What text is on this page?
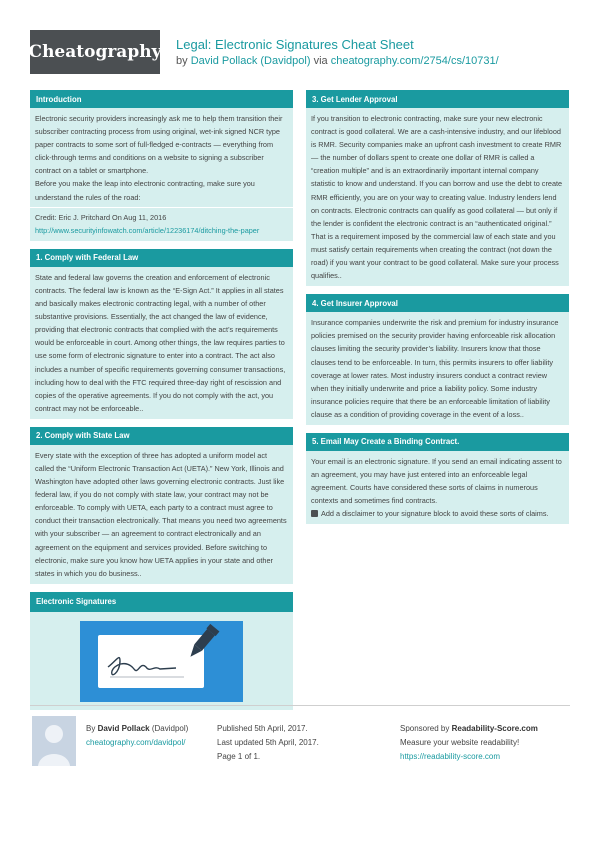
Cheatography Legal: Electronic Signatures Cheat Sheet
by David Pollack (Davidpol) via cheatography.com/2754/cs/10731/
Introduction

Electronic security providers increasingly ask me to help them transition their subscriber contracting process from using original, wet-ink signed NCR type paper contracts to some sort of full-fledged e-contracts — everything from click-through terms and conditions on a website to signing a subscriber contract on a tablet or smartphone.

Before you make the leap into electronic contracting, make sure you understand the rules of the road:

Credit: Eric J. Pritchard On Aug 11, 2016

http://www.securityinfowatch.com/article/12236174/ditching-the-paper

1. Comply with Federal Law

State and federal law governs the creation and enforcement of electronic contracts. The federal law is known as the “E-Sign Act.” It applies in all states and basically makes electronic contracting legal, with a number of other substantive provisions. Essentially, the act changed the law of evidence, providing that electronic contracts that complied with the act’s requirements would be enforceable in court. Among other things, the law requires parties to use some form of electronic signature to enter into a contract. The act also includes a number of specific requirements governing consumer transactions, including how to deal with the FTC required three-day right of rescission and copies of the operative agreements. If you do not comply with the act, you contract may not be enforceable..

2. Comply with State Law

Every state with the exception of three has adopted a uniform model act called the “Uniform Electronic Transaction Act (UETA).” New York, Illinois and Washington have adopted other laws governing electronic contracts. Just like federal law, if you do not comply with state law, your contract may not be enforceable. To comply with UETA, each party to a contract must agree to conduct their transaction electronically. That means you need two agreements with your subscriber — an agreement to contract electronically and an agreement on the equipment and services provided. Before switching to electronic, make sure you know how UETA applies in your state and other states in which you do business..

Electronic Signatures
3. Get Lender Approval

If you transition to electronic contracting, make sure your new electronic contract is good collateral. We are a cash-intensive industry, and our lifeblood is RMR. Security companies make an upfront cash investment to create RMR — the number of dollars spent to create one dollar of RMR is called a “creation multiple” and is an extraordinarily important internal company statistic to know and understand. If you can borrow and use the debt to create RMR efficiently, you are on your way to creating value. Industry lenders lend on contracts. Electronic contracts can qualify as good collateral — but only if the lender is confident the electronic contract is an “authenticated original.” That is a requirement imposed by the commercial law of each state and you must satisfy certain requirements when creating the contract (not down the road) if you want your contract to be good collateral. Make sure your process qualifies..

4. Get Insurer Approval

Insurance companies underwrite the risk and premium for industry insurance policies premised on the security provider having enforceable risk allocation clauses limiting the security provider’s liability. Insurers know that those clauses tend to be enforceable. In turn, this permits insurers to offer liability coverage at lower rates. Most industry insurers conduct a contract review when they initially underwrite and price a liability policy. Some industry insurance policies require that there be an enforceable limitation of liability clause as a condition of providing coverage in the event of a loss..

5. Email May Create a Binding Contract.

Your email is an electronic signature. If you send an email indicating assent to an agreement, you may have just entered into an enforceable legal agreement. Courts have considered these sorts of claims in numerous contexts and sometimes find contracts.

Add a disclaimer to your signature block to avoid these sorts of claims.

By David Pollack (Davidpol)
cheatography.com/davidpol/
Published 5th April, 2017.
Last updated 5th April, 2017.
Page 1 of 1.
Sponsored by Readability-Score.com
Measure your website readability!
https://readability-score.com
